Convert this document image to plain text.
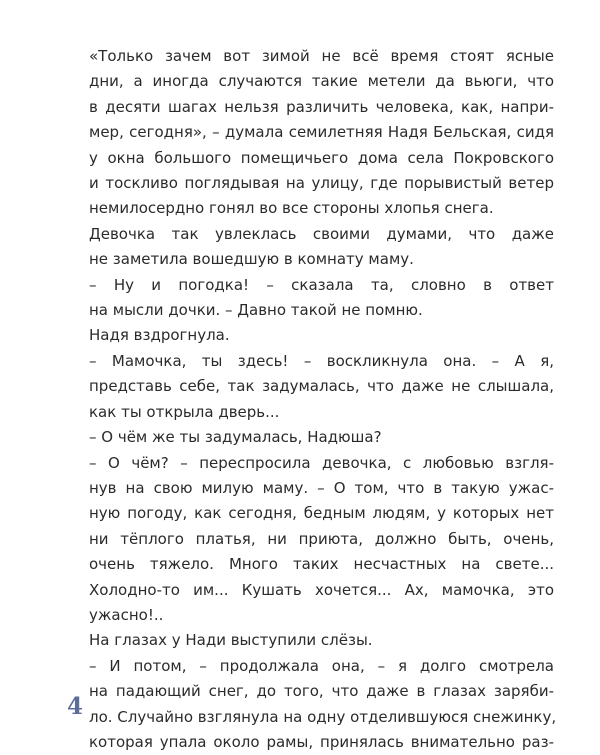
«Только зачем вот зимой не всё время стоят ясные
дни, а иногда случаются такие метели да вьюги, что
в десяти шагах нельзя различить человека, как, напри-
мер, сегодня», – думала семилетняя Надя Бельская, сидя
у окна большого помещичьего дома села Покровского
и тоскливо поглядывая на улицу, где порывистый ветер
немилосердно гонял во все стороны хлопья снега.

Девочка так увлеклась своими думами, что даже
не заметила вошедшую в комнату маму.

– Ну и погодка! – сказала та, словно в ответ
на мысли дочки. – Давно такой не помню.

Надя вздрогнула.

– Мамочка, ты здесь! – воскликнула она. – А я,
представь себе, так задумалась, что даже не слышала,
как ты открыла дверь...

– О чём же ты задумалась, Надюша?

– О чём? – переспросила девочка, с любовью взгля-
нув на свою милую маму. – О том, что в такую ужас-
ную погоду, как сегодня, бедным людям, у которых нет
ни тёплого платья, ни приюта, должно быть, очень,
очень тяжело. Много таких несчастных на свете...
Холодно-то им... Кушать хочется... Ах, мамочка, это
ужасно!..

На глазах у Нади выступили слёзы.

– И потом, – продолжала она, – я долго смотрела
на падающий снег, до того, что даже в глазах заряби-
ло. Случайно взглянула на одну отделившуюся снежинку,
которая упала около рамы, принялась внимательно раз-

4
